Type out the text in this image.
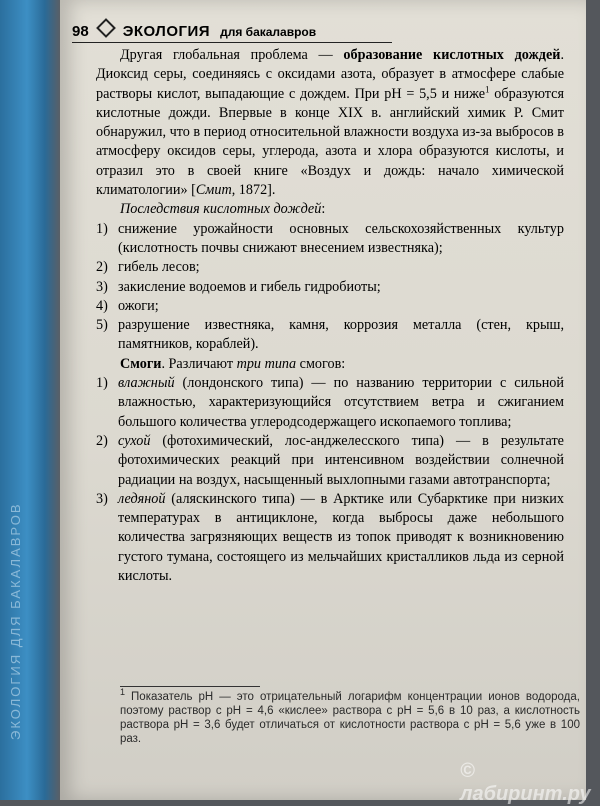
ЭКОЛОГИЯ ДЛЯ БАКАЛАВРОВ
98 ЭКОЛОГИЯ для бакалавров

Другая глобальная проблема — образование кислотных дождей. Диоксид серы, соединяясь с оксидами азота, образует в атмосфере слабые растворы кислот, выпадающие с дождем. При pH = 5,5 и ниже$^1$ образуются кислотные дожди. Впервые в конце XIX в. английский химик Р. Смит обнаружил, что в период относительной влажности воздуха из-за выбросов в атмосферу оксидов серы, углерода, азота и хлора образуются кислоты, и отразил это в своей книге «Воздух и дождь: начало химической климатологии» [Смит, 1872].

Последствия кислотных дождей:

1) снижение урожайности основных сельскохозяйственных культур (кислотность почвы снижают внесением известняка);
2) гибель лесов;
3) закисление водоемов и гибель гидробиоты;
4) ожоги;
5) разрушение известняка, камня, коррозия металла (стен, крыш, памятников, кораблей).

Смоги. Различают три типа смогов:

1) влажный (лондонского типа) — по названию территории с сильной влажностью, характеризующийся отсутствием ветра и сжиганием большого количества углеродсодержащего ископаемого топлива;
2) сухой (фотохимический, лос-анджелесского типа) — в результате фотохимических реакций при интенсивном воздействии солнечной радиации на воздух, насыщенный выхлопными газами автотранспорта;
3) ледяной (аляскинского типа) — в Арктике или Субарктике при низких температурах в антициклоне, когда выбросы даже небольшого количества загрязняющих веществ из топок приводят к возникновению густого тумана, состоящего из мельчайших кристалликов льда из серной кислоты.
$^1$ Показатель pH — это отрицательный логарифм концентрации ионов водорода, поэтому раствор с pH = 4,6 «кислее» раствора с pH = 5,6 в 10 раз, а кислотность раствора pH = 3,6 будет отличаться от кислотности раствора с pH = 5,6 уже в 100 раз.
© лабиринт.ру
